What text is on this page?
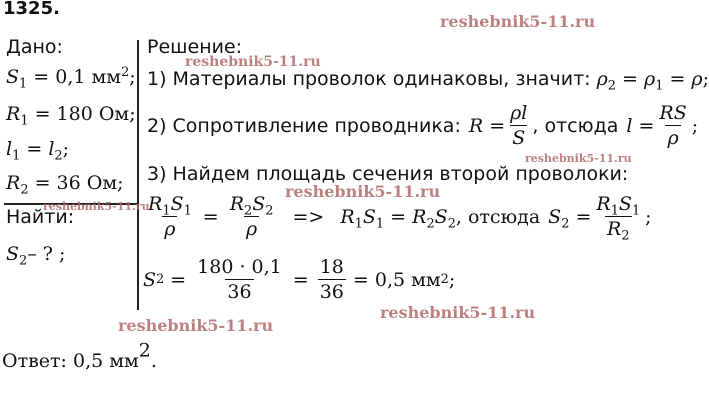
1325.
Дано:
$S_1 = 0,1$ $мм^2$;
$R_1 = 180$ Ом;
$l_1 = l_2$;
$R_2 = 36$ Ом;
Найти:
$S_2-$ ? ;
Решение:
1) Материалы проволок одинаковы, значит: $\rho_2 = \rho_1 = \rho$;
2) Сопротивление проводника: $R = \frac{\rho l}{S}$ , отсюда $l = \frac{RS}{\rho}$ ;
3) Найдем площадь сечения второй проволоки:
$\frac{R_1S_1}{\rho} = \frac{R_2S_2}{\rho} => R_1S_1 = R_2S_2$ , отсюда $S_2 = \frac{R_1S_1}{R_2}$ ;
S $2 = \frac{180 \cdot 0,1}{36} = \frac{18}{36} = 0,5$ мм 2 ;
Ответ: 0,5 $мм^2$.
reshebnik5-11.ru
reshebnik5-11.ru
reshebnik5-11.ru
reshebnik5-11.ru
reshebnik5-11.ru
reshebnik5-11.ru
reshebnik5-11.ru
